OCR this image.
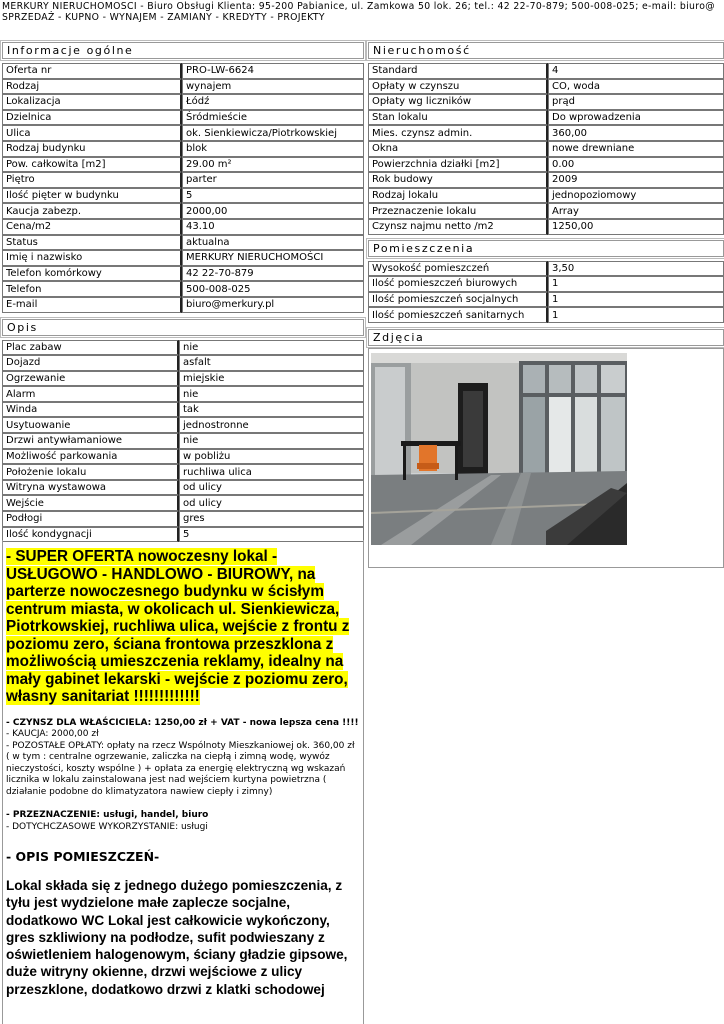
MERKURY NIERUCHOMOŚCI - Biuro Obsługi Klienta: 95-200 Pabianice, ul. Zamkowa 50 lok. 26; tel.: 42 22-70-879; 500-008-025; e-mail: biuro@
SPRZEDAŻ - KUPNO - WYNAJEM - ZAMIANY - KREDYTY - PROJEKTY
Informacje ogólne
Oferta nr	PRO-LW-6624
Rodzaj	wynajem
Lokalizacja	Łódź
Dzielnica	Śródmieście
Ulica	ok. Sienkiewicza/Piotrkowskiej
Rodzaj budynku	blok
Pow. całkowita [m2]	29.00 m²
Piętro	parter
Ilość pięter w budynku	5
Kaucja zabezp.	2000,00
Cena/m2	43.10
Status	aktualna
Imię i nazwisko	MERKURY NIERUCHOMOŚCI
Telefon komórkowy	42 22-70-879
Telefon	500-008-025
E-mail	biuro@merkury.pl
Opis
Plac zabaw	nie
Dojazd	asfalt
Ogrzewanie	miejskie
Alarm	nie
Winda	tak
Usytuowanie	jednostronne
Drzwi antywłamaniowe	nie
Możliwość parkowania	w pobliżu
Położenie lokalu	ruchliwa ulica
Witryna wystawowa	od ulicy
Wejście	od ulicy
Podłogi	gres
Ilość kondygnacji	5
Nieruchomość
Standard	4
Opłaty w czynszu	CO, woda
Opłaty wg liczników	prąd
Stan lokalu	Do wprowadzenia
Mies. czynsz admin.	360,00
Okna	nowe drewniane
Powierzchnia działki [m2]	0.00
Rok budowy	2009
Rodzaj lokalu	jednopoziomowy
Przeznaczenie lokalu	Array
Czynsz najmu netto /m2	1250,00
Pomieszczenia
Wysokość pomieszczeń	3,50
Ilość pomieszczeń biurowych	1
Ilość pomieszczeń socjalnych	1
Ilość pomieszczeń sanitarnych	1
Zdjęcia
- SUPER OFERTA nowoczesny lokal - USŁUGOWO - HANDLOWO - BIUROWY, na parterze nowoczesnego budynku w ścisłym centrum miasta, w okolicach ul. Sienkiewicza, Piotrkowskiej, ruchliwa ulica, wejście z frontu z poziomu zero, ściana frontowa przeszklona z możliwością umieszczenia reklamy, idealny na mały gabinet lekarski - wejście z poziomu zero, własny sanitariat !!!!!!!!!!!!!
- CZYNSZ DLA WŁAŚCICIELA: 1250,00 zł + VAT - nowa lepsza cena !!!!
- KAUCJA: 2000,00 zł
- POZOSTAŁE OPŁATY: opłaty na rzecz Wspólnoty Mieszkaniowej ok. 360,00 zł ( w tym : centralne ogrzewanie, zaliczka na ciepłą i zimną wodę, wywóz nieczystości, koszty wspólne ) + opłata za energię elektryczną wg wskazań licznika w lokalu zainstalowana jest nad wejściem kurtyna powietrzna ( działanie podobne do klimatyzatora nawiew ciepły i zimny)
- PRZEZNACZENIE: usługi, handel, biuro
- DOTYCHCZASOWE WYKORZYSTANIE: usługi
- OPIS POMIESZCZEŃ-
Lokal składa się z jednego dużego pomieszczenia, z tyłu jest wydzielone małe zaplecze socjalne, dodatkowo WC Lokal jest całkowicie wykończony, gres szkliwiony na podłodze, sufit podwieszany z oświetleniem halogenowym, ściany gładzie gipsowe, duże witryny okienne, drzwi wejściowe z ulicy przeszklone, dodatkowo drzwi z klatki schodowej
